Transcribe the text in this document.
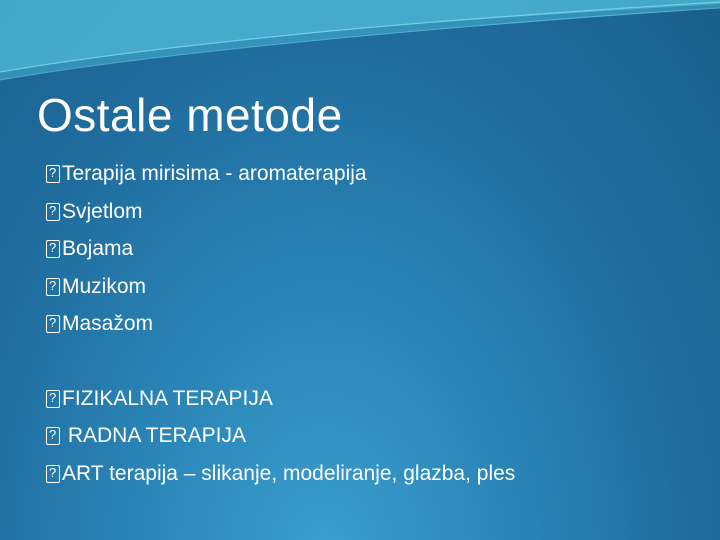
Ostale metode
?Terapija mirisima - aromaterapija
?Svjetlom
?Bojama
?Muzikom
?Masažom
?FIZIKALNA TERAPIJA
? RADNA TERAPIJA
?ART terapija – slikanje, modeliranje, glazba, ples
